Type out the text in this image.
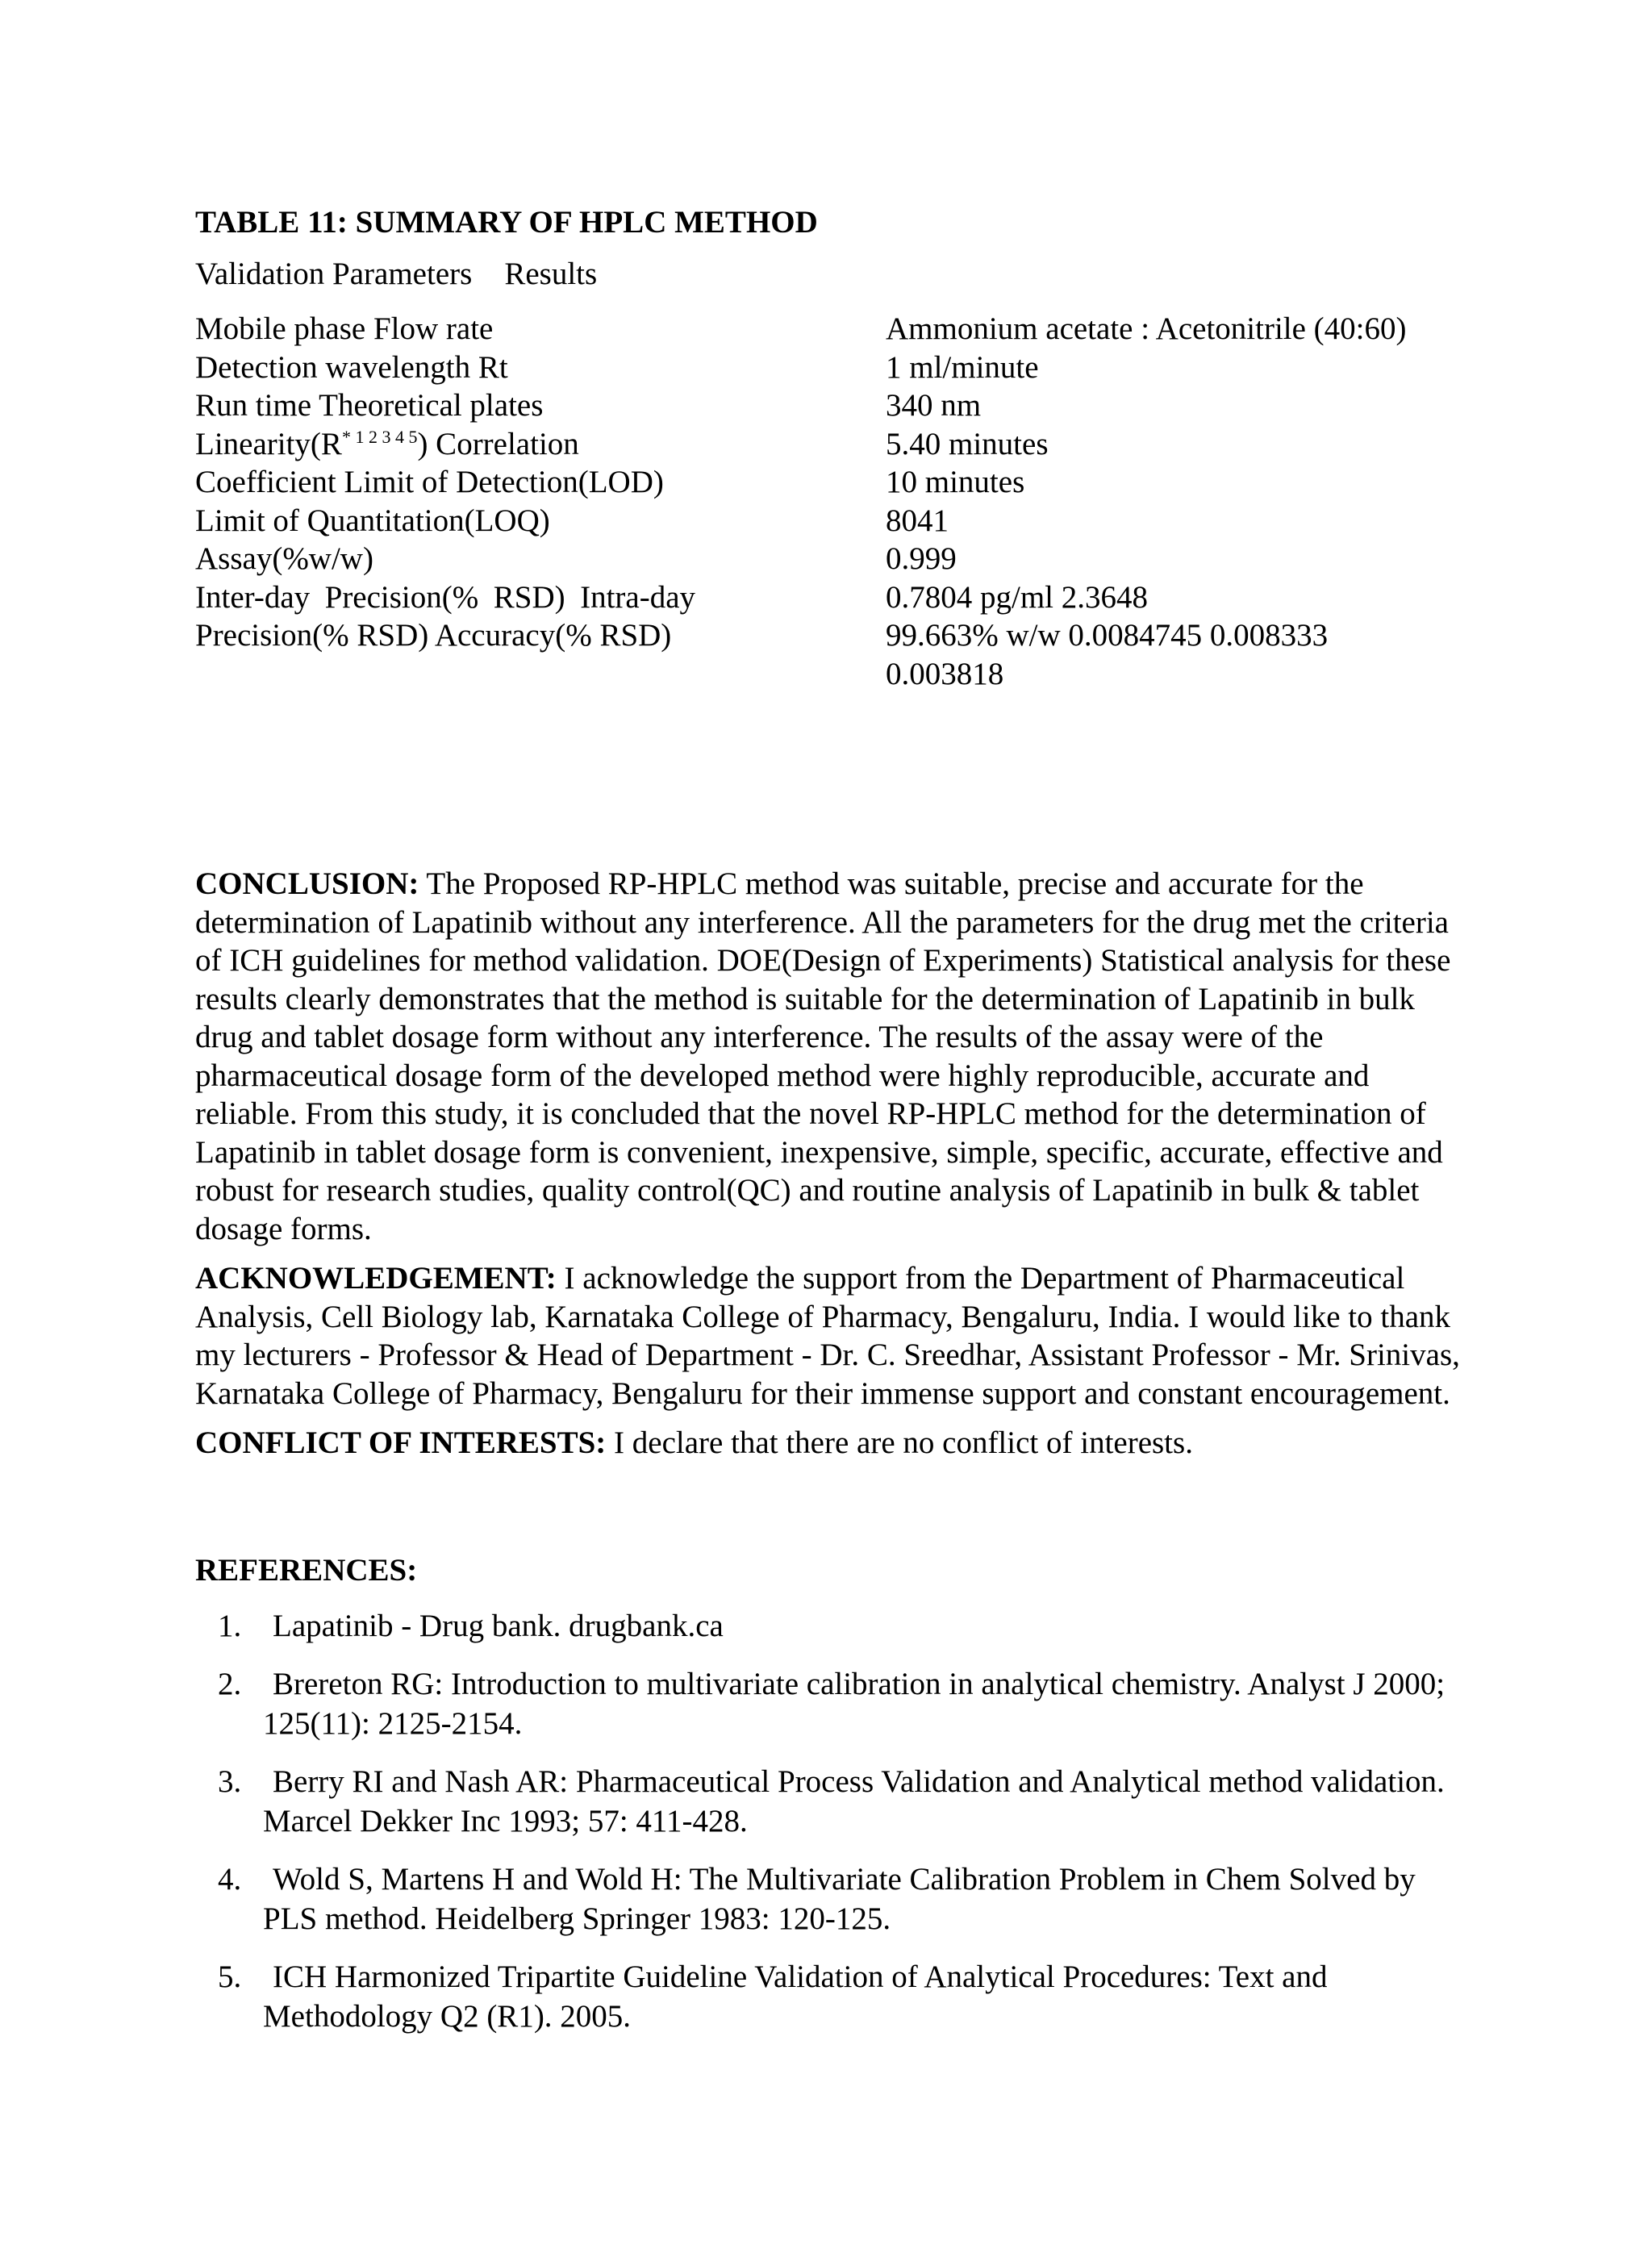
TABLE 11: SUMMARY OF HPLC METHOD
Validation Parameters Results
Mobile phase Flow rate
Detection wavelength Rt
Run time Theoretical plates
$Linearity(R^{* 1 2 3 4 5})$ Correlation
Coefficient Limit of Detection(LOD)
Limit of Quantitation(LOQ)
Assay(%w/w)
Inter-day Precision(% RSD) Intra-day Precision(% RSD) Accuracy(% RSD)
Ammonium acetate : Acetonitrile (40:60)
1 ml/minute
340 nm
5.40 minutes
10 minutes
8041
0.999
0.7804 pg/ml 2.3648
99.663% w/w 0.0084745 0.008333
0.003818

CONCLUSION: The Proposed RP-HPLC method was suitable, precise and accurate for the determination of Lapatinib without any interference. All the parameters for the drug met the criteria of ICH guidelines for method validation. DOE(Design of Experiments) Statistical analysis for these results clearly demonstrates that the method is suitable for the determination of Lapatinib in bulk drug and tablet dosage form without any interference. The results of the assay were of the pharmaceutical dosage form of the developed method were highly reproducible, accurate and reliable. From this study, it is concluded that the novel RP-HPLC method for the determination of Lapatinib in tablet dosage form is convenient, inexpensive, simple, specific, accurate, effective and robust for research studies, quality control(QC) and routine analysis of Lapatinib in bulk & tablet dosage forms.

ACKNOWLEDGEMENT: I acknowledge the support from the Department of Pharmaceutical Analysis, Cell Biology lab, Karnataka College of Pharmacy, Bengaluru, India. I would like to thank my lecturers - Professor & Head of Department - Dr. C. Sreedhar, Assistant Professor - Mr. Srinivas, Karnataka College of Pharmacy, Bengaluru for their immense support and constant encouragement.

CONFLICT OF INTERESTS: I declare that there are no conflict of interests.

REFERENCES:
1. Lapatinib - Drug bank. drugbank.ca
2. Brereton RG: Introduction to multivariate calibration in analytical chemistry. Analyst J 2000; 125(11): 2125-2154.
3. Berry RI and Nash AR: Pharmaceutical Process Validation and Analytical method validation. Marcel Dekker Inc 1993; 57: 411-428.
4. Wold S, Martens H and Wold H: The Multivariate Calibration Problem in Chem Solved by PLS method. Heidelberg Springer 1983: 120-125.
5. ICH Harmonized Tripartite Guideline Validation of Analytical Procedures: Text and Methodology Q2 (R1). 2005.
